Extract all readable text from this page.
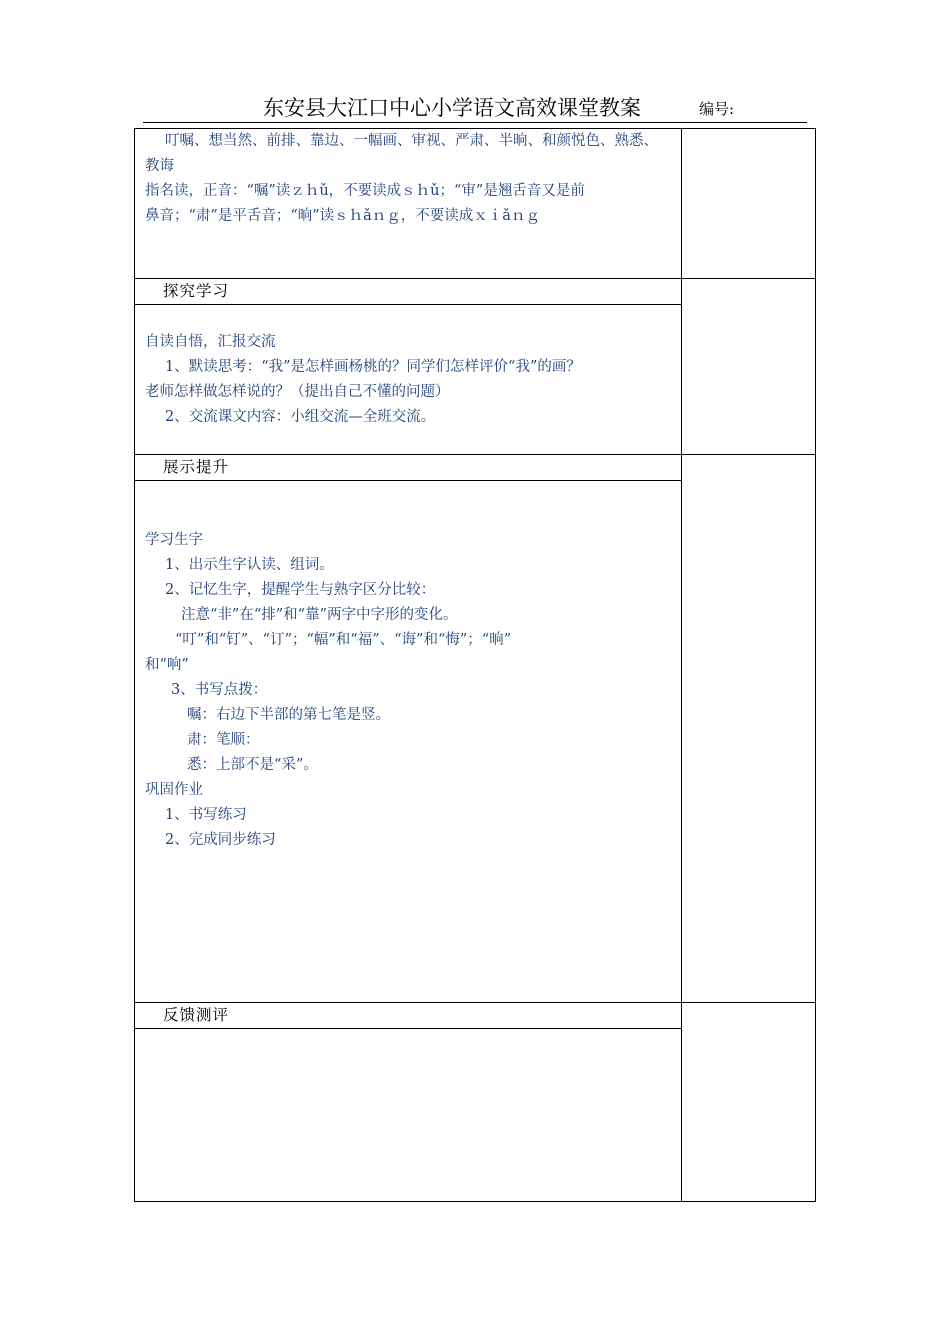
东安县大江口中心小学语文高效课堂教案	编号:
叮嘱、想当然、前排、靠边、一幅画、审视、严肃、半晌、和颜悦色、熟悉、
教诲
指名读，正音：“嘱”读ｚｈǔ，不要读成ｓｈǔ；“审”是翘舌音又是前
鼻音；“肃”是平舌音；“晌”读ｓｈǎｎｇ，不要读成ｘｉǎｎｇ
探究学习
自读自悟，汇报交流
1、默读思考：“我”是怎样画杨桃的？同学们怎样评价“我”的画？
老师怎样做怎样说的？（提出自己不懂的问题）
2、交流课文内容：小组交流—全班交流。
展示提升
学习生字
1、出示生字认读、组词。
2、记忆生字，提醒学生与熟字区分比较：
注意“非”在“排”和“靠”两字中字形的变化。
“叮”和“钉”、“订”；“幅”和“福”、“诲”和“悔”；“晌”
和“响”
3、书写点拨：
嘱：右边下半部的第七笔是竖。
肃：笔顺：
悉：上部不是“采”。
巩固作业
1、书写练习
2、完成同步练习
反馈测评
